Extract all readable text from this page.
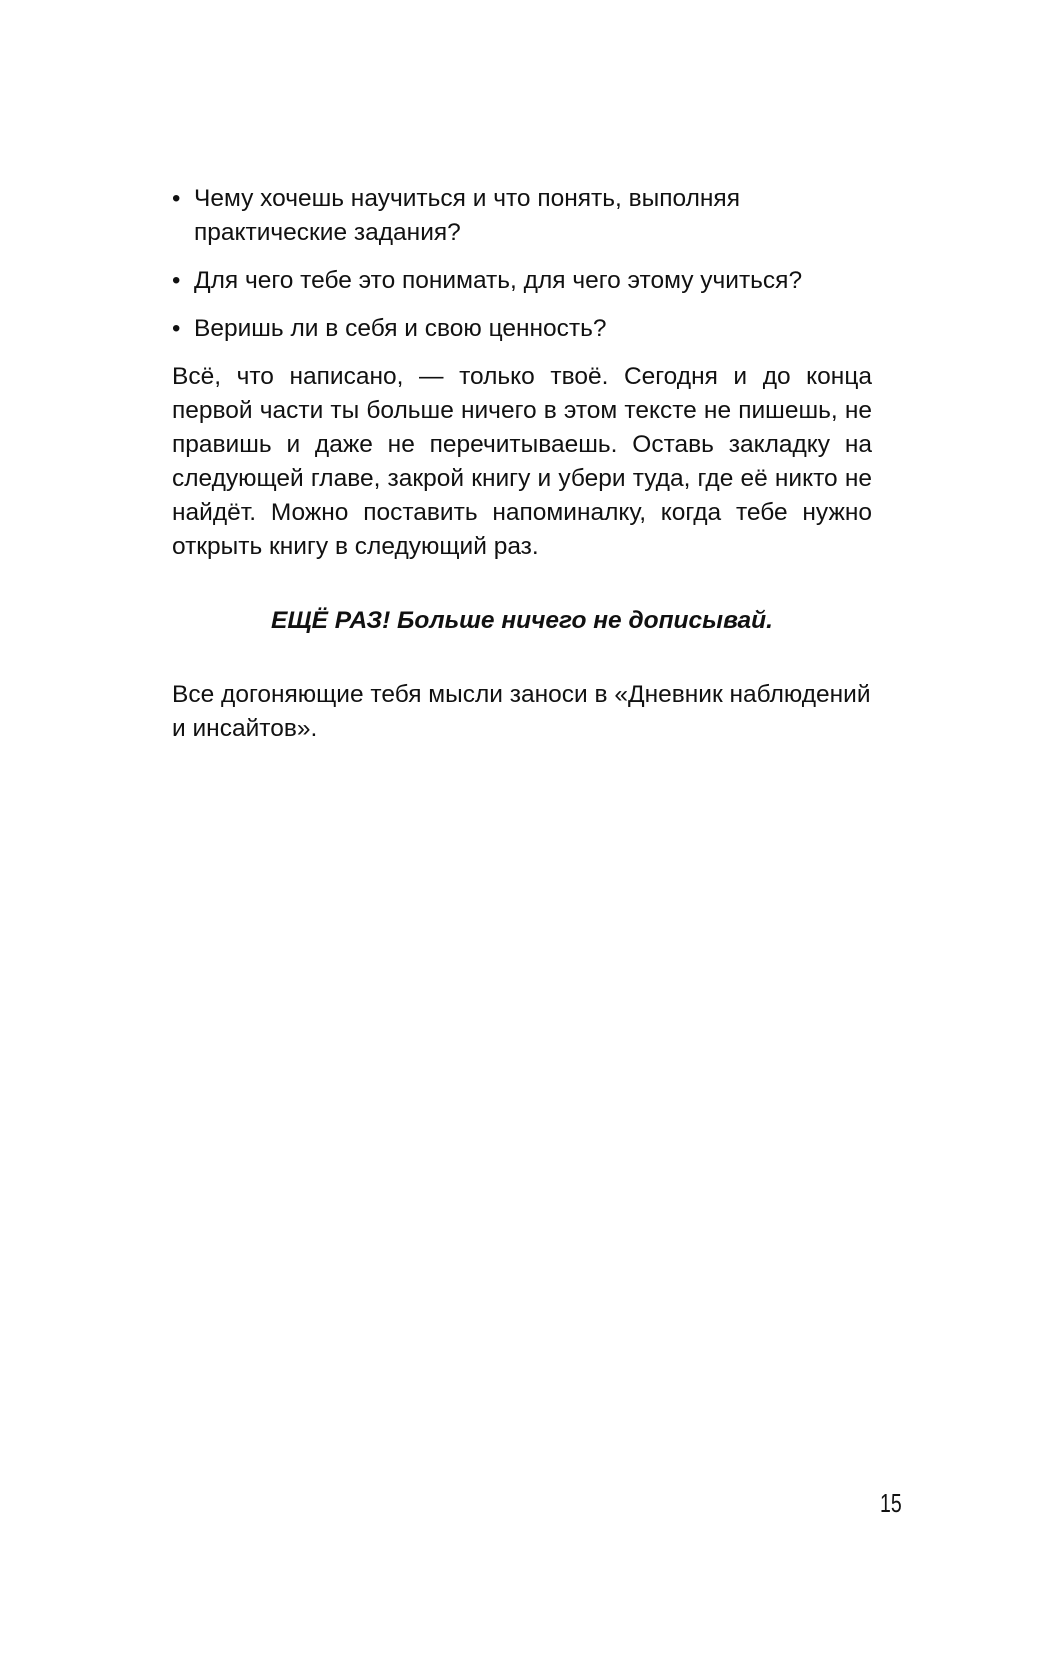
• Чему хочешь научиться и что понять, выполняя практические задания?
• Для чего тебе это понимать, для чего этому учиться?
• Веришь ли в себя и свою ценность?

Всё, что написано, — только твоё. Сегодня и до конца первой части ты больше ничего в этом тексте не пишешь, не правишь и даже не перечитываешь. Оставь закладку на следующей главе, закрой книгу и убери туда, где её никто не найдёт. Можно поставить напоминалку, когда тебе нужно открыть книгу в следующий раз.

ЕЩЁ РАЗ! Больше ничего не дописывай.

Все догоняющие тебя мысли заноси в «Дневник наблюдений и инсайтов».

15
